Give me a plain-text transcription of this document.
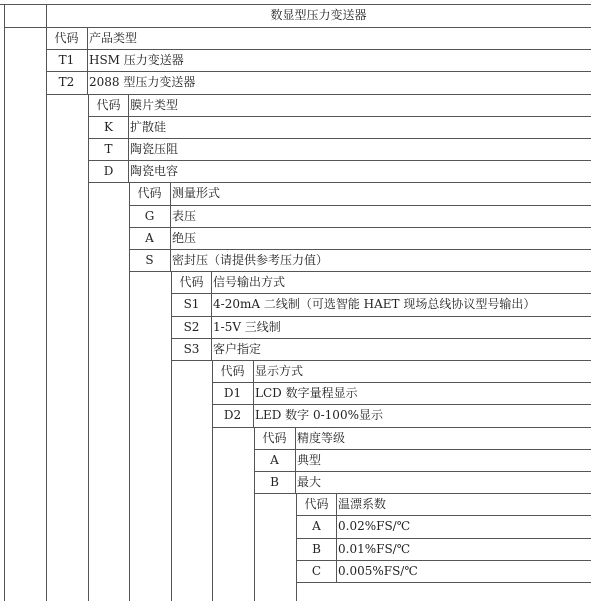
数显型压力变送器
代码 产品类型
T1	HSM 压力变送器
T2	2088 型压力变送器
代码 膜片类型
K	扩散硅
T	陶瓷压阻
D	陶瓷电容
代码 测量形式
G	表压
A	绝压
S	密封压（请提供参考压力值）
代码 信号输出方式
S1	4-20mA 二线制（可选智能 HAET 现场总线协议型号输出）
S2	1-5V 三线制
S3	客户指定
代码 显示方式
D1	LCD 数字量程显示
D2	LED 数字 0-100%显示
代码 精度等级
A	典型
B	最大
代码 温漂系数
A	0.02%FS/℃
B	0.01%FS/℃
C	0.005%FS/℃
